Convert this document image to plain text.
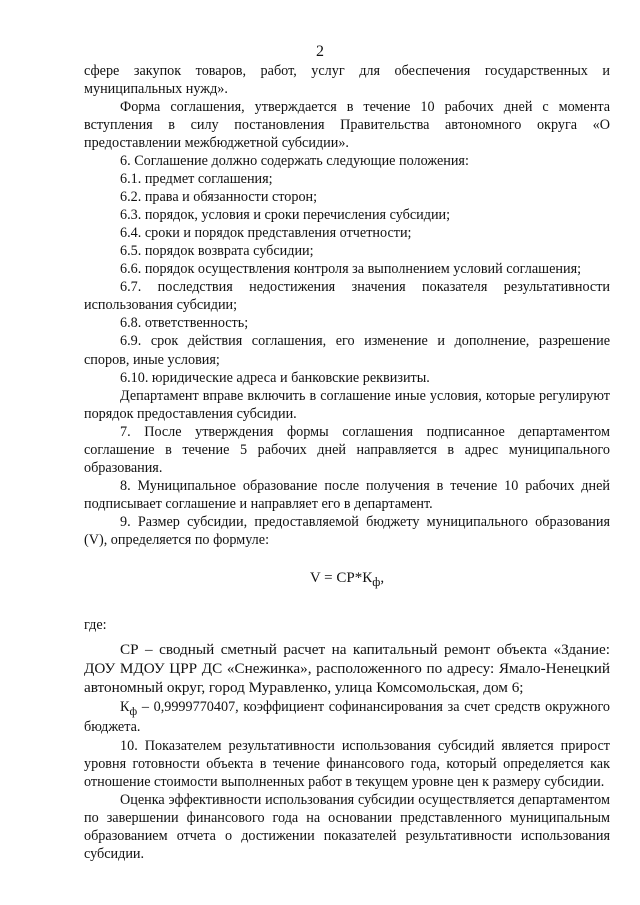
2

сфере закупок товаров, работ, услуг для обеспечения государственных и муниципальных нужд».

Форма соглашения, утверждается в течение 10 рабочих дней с момента вступления в силу постановления Правительства автономного округа «О предоставлении межбюджетной субсидии».

6. Соглашение должно содержать следующие положения:

6.1. предмет соглашения;
6.2. права и обязанности сторон;
6.3. порядок, условия и сроки перечисления субсидии;
6.4. сроки и порядок представления отчетности;
6.5. порядок возврата субсидии;
6.6. порядок осуществления контроля за выполнением условий соглашения;

6.7. последствия недостижения значения показателя результативности использования субсидии;

6.8. ответственность;

6.9. срок действия соглашения, его изменение и дополнение, разрешение споров, иные условия;

6.10. юридические адреса и банковские реквизиты.

Департамент вправе включить в соглашение иные условия, которые регулируют порядок предоставления субсидии.

7. После утверждения формы соглашения подписанное департаментом соглашение в течение 5 рабочих дней направляется в адрес муниципального образования.

8. Муниципальное образование после получения в течение 10 рабочих дней подписывает соглашение и направляет его в департамент.

9. Размер субсидии, предоставляемой бюджету муниципального образования (V), определяется по формуле:

$V = СР*К_ф$,
где:

СР – сводный сметный расчет на капитальный ремонт объекта «Здание: ДОУ МДОУ ЦРР ДС «Снежинка», расположенного по адресу: Ямало-Ненецкий автономный округ, город Муравленко, улица Комсомольская, дом 6;

$К_ф - 0,9999770407$, коэффициент софинансирования за счет средств окружного бюджета.

10. Показателем результативности использования субсидий является прирост уровня готовности объекта в течение финансового года, который определяется как отношение стоимости выполненных работ в текущем уровне цен к размеру субсидии.

Оценка эффективности использования субсидии осуществляется департаментом по завершении финансового года на основании представленного муниципальным образованием отчета о достижении показателей результативности использования субсидии.
